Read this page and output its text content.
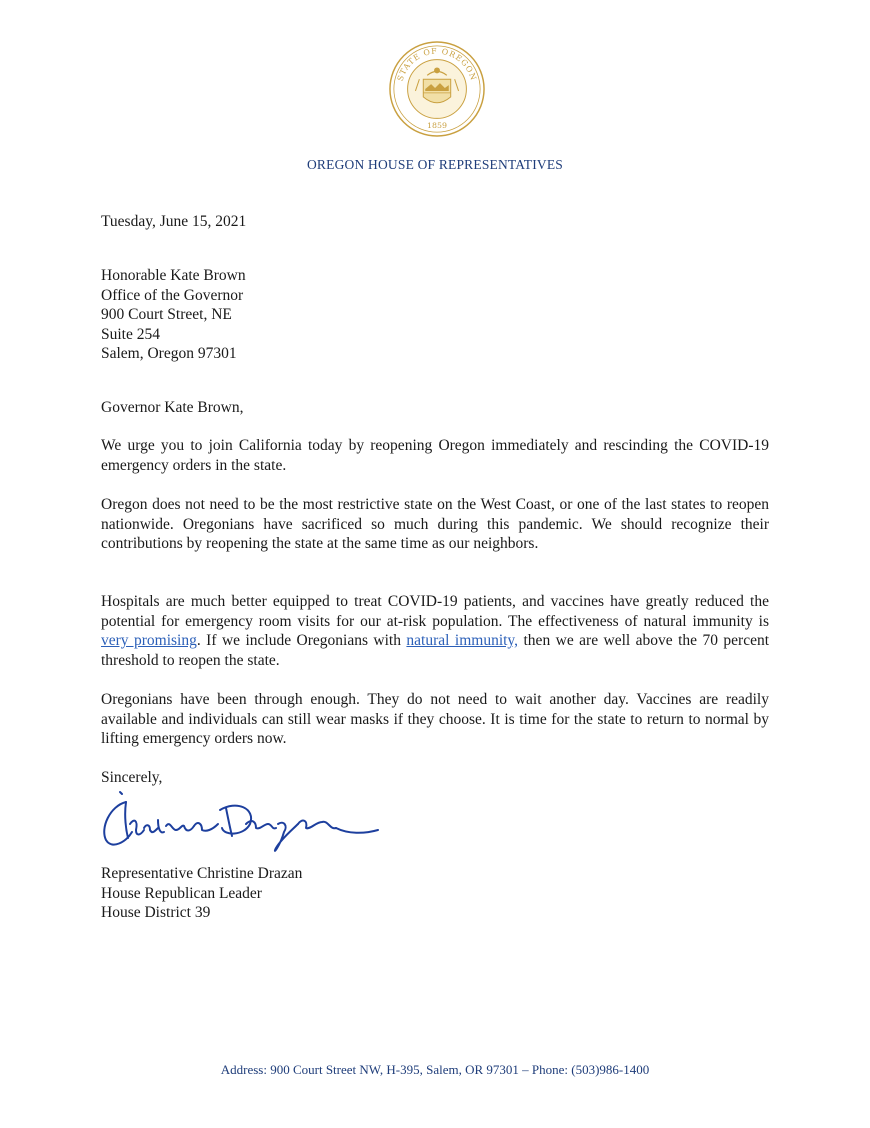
STATE OF OREGON
1859
OREGON HOUSE OF REPRESENTATIVES
Tuesday, June 15, 2021
Honorable Kate Brown
Office of the Governor
900 Court Street, NE
Suite 254
Salem, Oregon 97301
Governor Kate Brown,
We urge you to join California today by reopening Oregon immediately and rescinding the COVID-19 emergency orders in the state.
Oregon does not need to be the most restrictive state on the West Coast, or one of the last states to reopen nationwide. Oregonians have sacrificed so much during this pandemic. We should recognize their contributions by reopening the state at the same time as our neighbors.
Hospitals are much better equipped to treat COVID-19 patients, and vaccines have greatly reduced the potential for emergency room visits for our at-risk population. The effectiveness of natural immunity is very promising. If we include Oregonians with natural immunity, then we are well above the 70 percent threshold to reopen the state.
Oregonians have been through enough. They do not need to wait another day. Vaccines are readily available and individuals can still wear masks if they choose. It is time for the state to return to normal by lifting emergency orders now.
Sincerely,
Representative Christine Drazan
House Republican Leader
House District 39
Address: 900 Court Street NW, H-395, Salem, OR 97301 – Phone: (503)986-1400
